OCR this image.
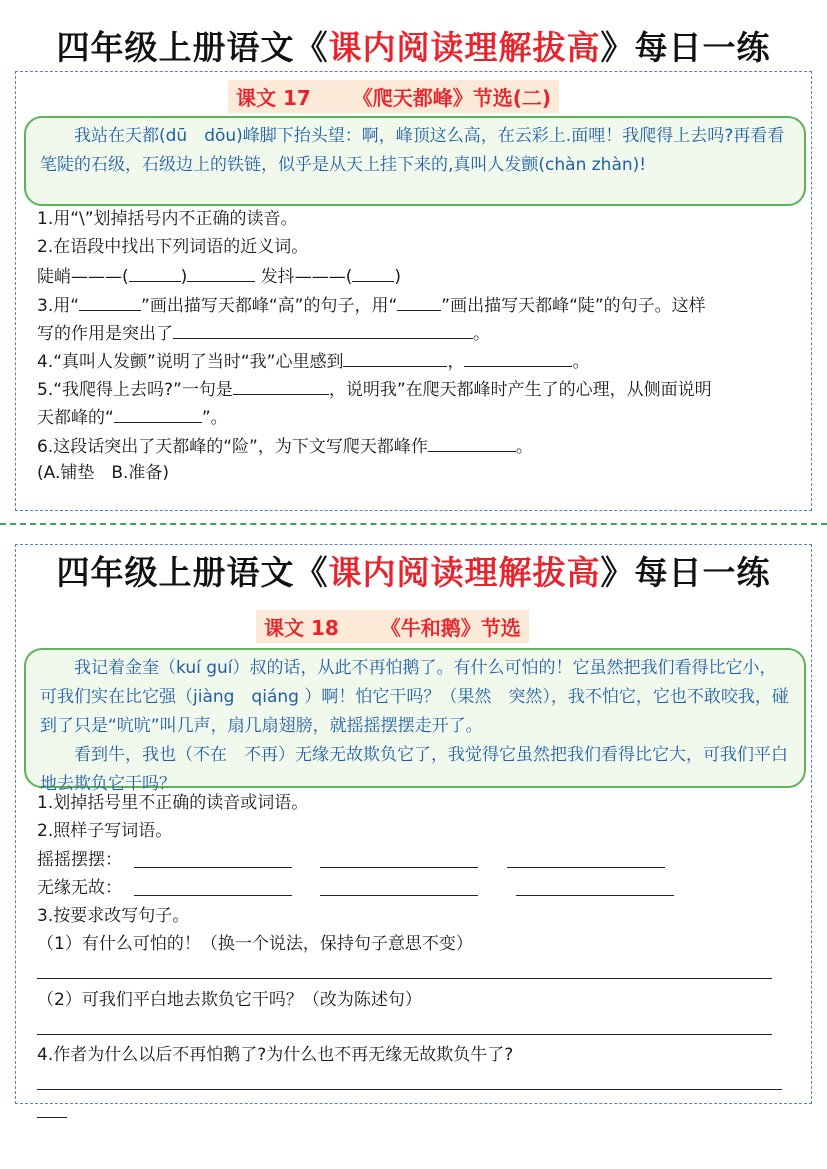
四年级上册语文《课内阅读理解拔高》每日一练
课文 17 《爬天都峰》节选(二)

我站在天都(dū　dōu)峰脚下抬头望：啊，峰顶这么高，在云彩上.面哩！我爬得上去吗?再看看笔陡的石级，石级边上的铁链，似乎是从天上挂下来的,真叫人发颤(chàn zhàn)!

1.用“\”划掉括号内不正确的读音。
2.在语段中找出下列词语的近义词。
陡峭———(	)	发抖———( )
3.用“	”画出描写天都峰“高”的句子，用“	”画出描写天都峰“陡”的句子。这样
写的作用是突出了	。
4.“真叫人发颤”说明了当时“我”心里感到	，	。
5.“我爬得上去吗?”一句是	，说明我”在爬天都峰时产生了的心理，从侧面说明
天都峰的“	”。
6.这段话突出了天都峰的“险”，为下文写爬天都峰作	。
(A.铺垫　B.准备)
四年级上册语文《课内阅读理解拔高》每日一练
课文 18 《牛和鹅》节选

我记着金奎（kuí guí）叔的话，从此不再怕鹅了。有什么可怕的！它虽然把我们看得比它小，可我们实在比它强（jiàng　qiáng ）啊！怕它干吗？（果然　突然），我不怕它，它也不敢咬我，碰到了只是“吭吭”叫几声，扇几扇翅膀，就摇摇摆摆走开了。

看到牛，我也（不在　不再）无缘无故欺负它了，我觉得它虽然把我们看得比它大，可我们平白地去欺负它干吗？

1.划掉括号里不正确的读音或词语。
2.照样子写词语。
摇摇摆摆：
无缘无故：
3.按要求改写句子。
（1）有什么可怕的！（换一个说法，保持句子意思不变）
（2）可我们平白地去欺负它干吗？（改为陈述句）
4.作者为什么以后不再怕鹅了?为什么也不再无缘无故欺负牛了?
